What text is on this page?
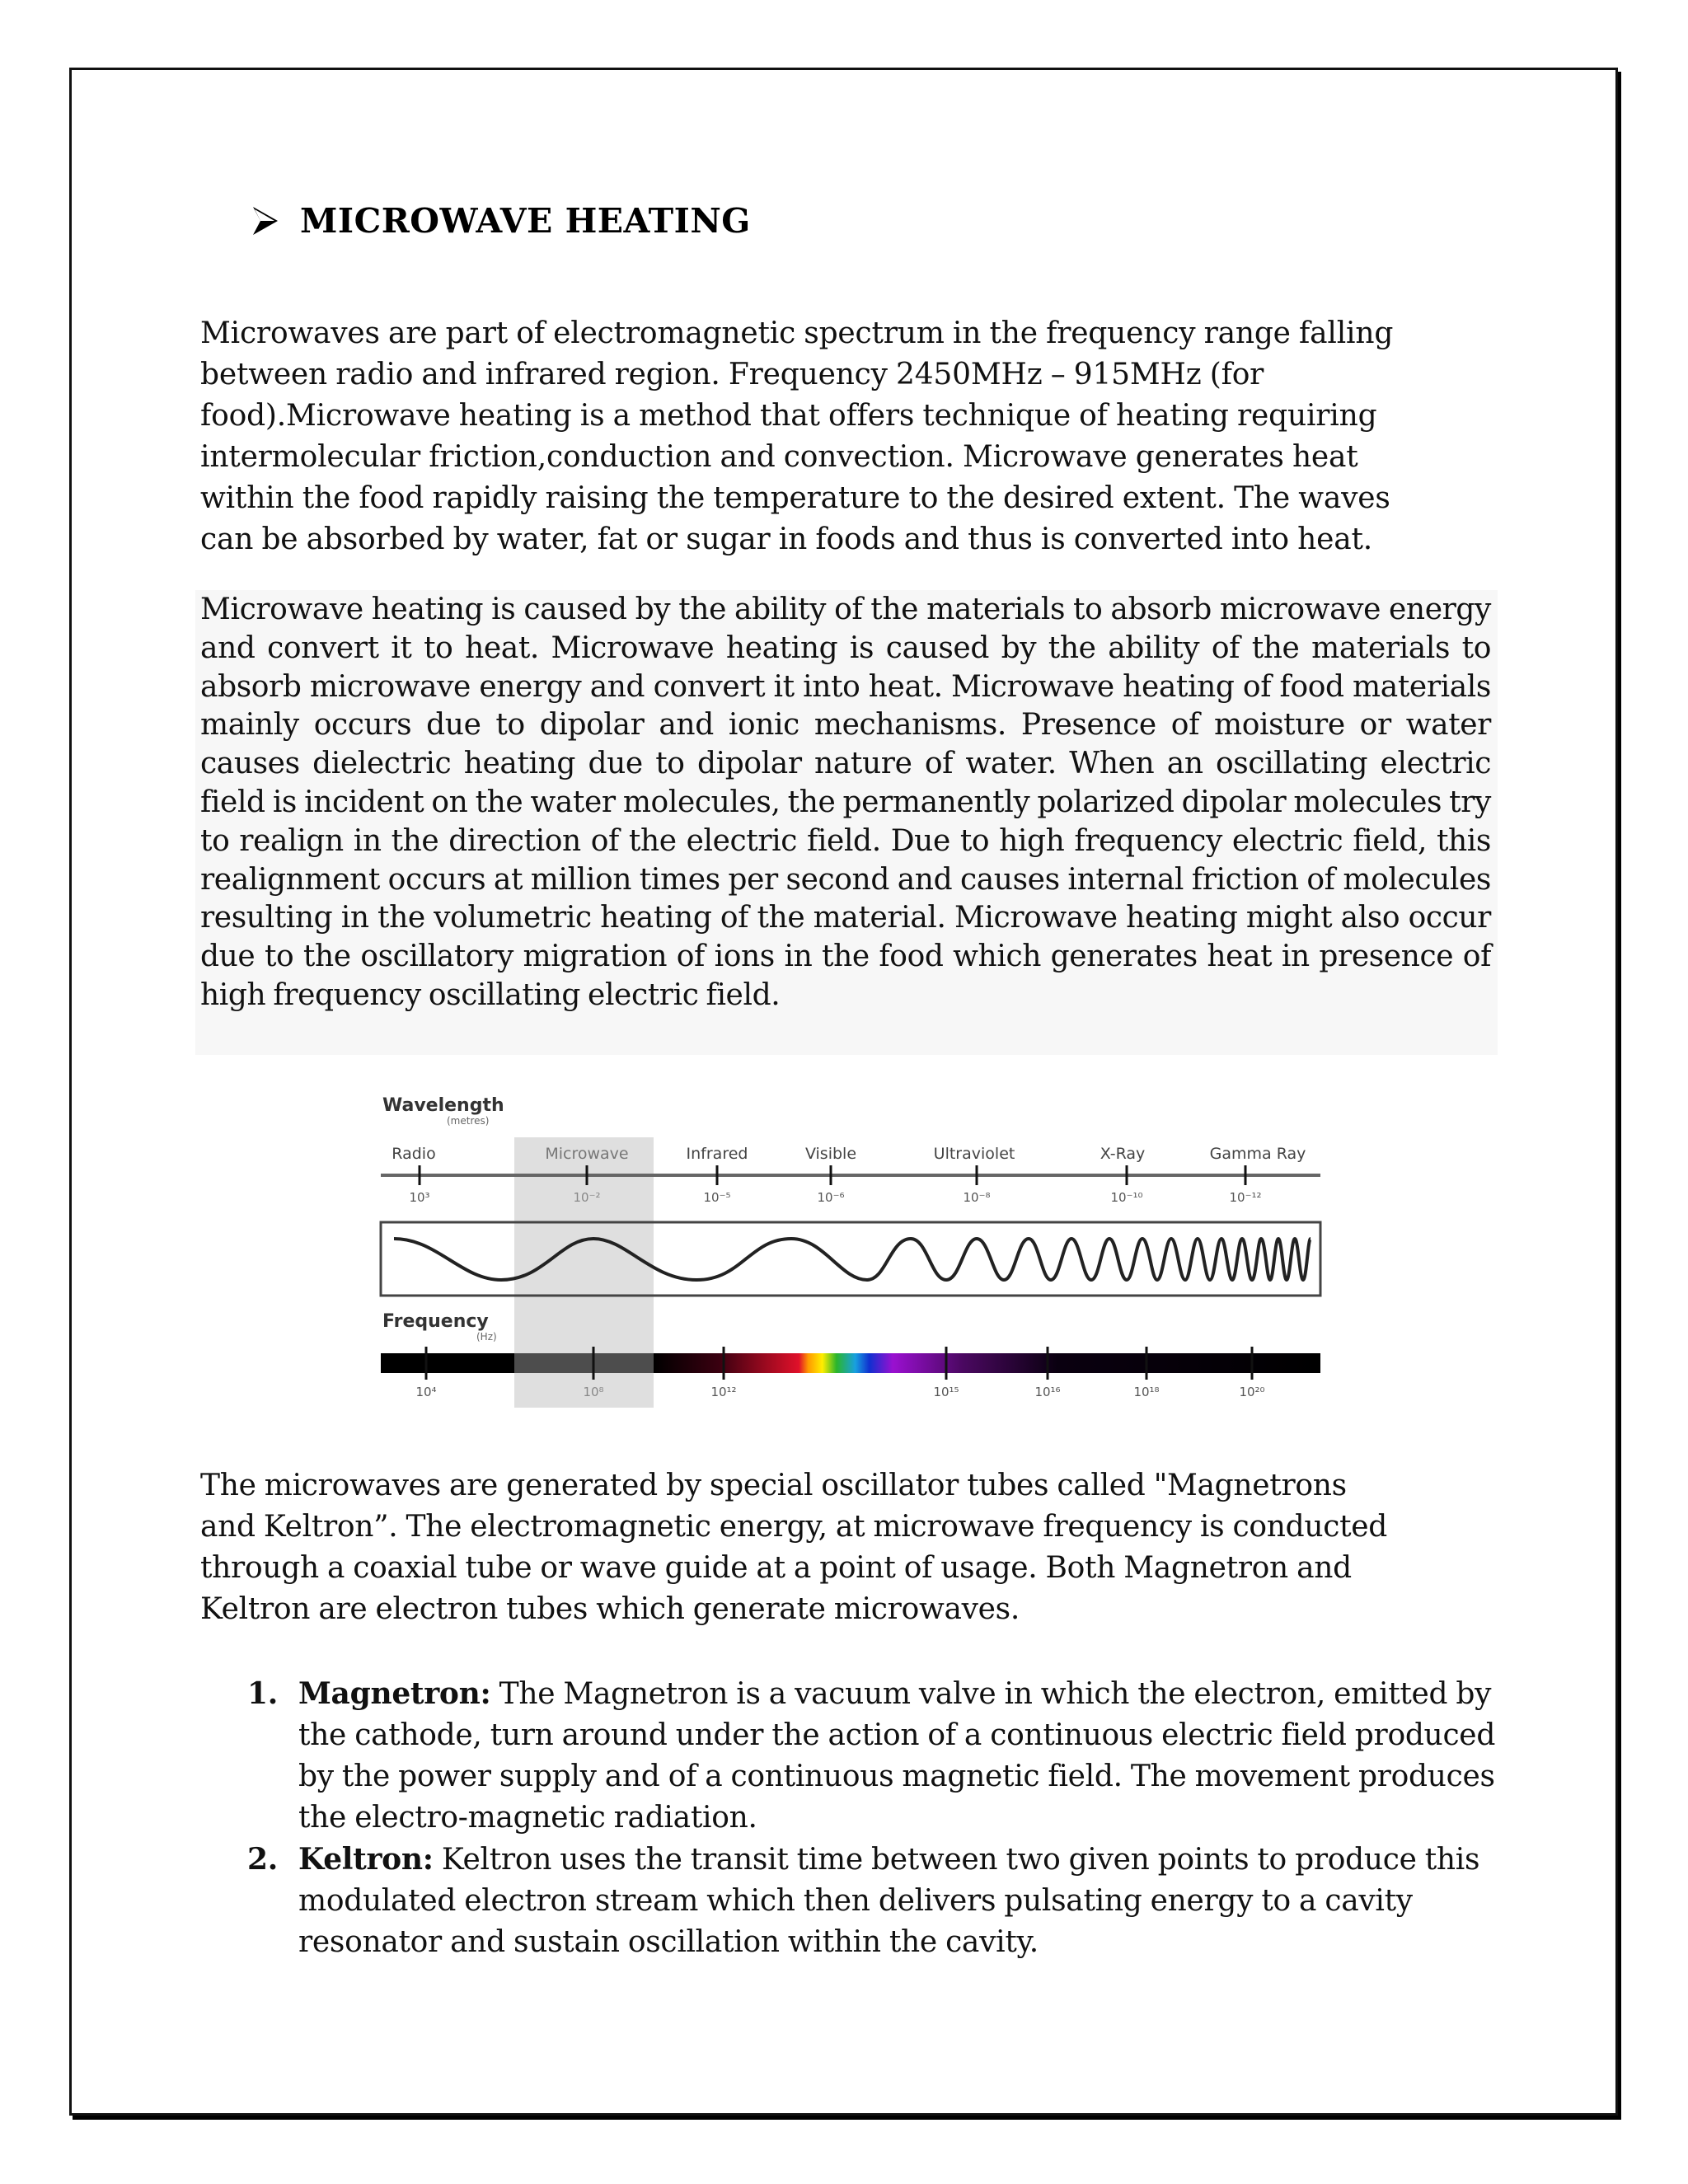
MICROWAVE HEATING
Microwaves are part of electromagnetic spectrum in the frequency range falling
between radio and infrared region. Frequency 2450MHz – 915MHz (for
food).Microwave heating is a method that offers technique of heating requiring
intermolecular friction,conduction and convection. Microwave generates heat
within the food rapidly raising the temperature to the desired extent. The waves
can be absorbed by water, fat or sugar in foods and thus is converted into heat.
Microwave heating is caused by the ability of the materials to absorb microwave energy and convert it to heat. Microwave heating is caused by the ability of the materials to absorb microwave energy and convert it into heat. Microwave heating of food materials mainly occurs due to dipolar and ionic mechanisms. Presence of moisture or water causes dielectric heating due to dipolar nature of water. When an oscillating electric field is incident on the water molecules, the permanently polarized dipolar molecules try to realign in the direction of the electric field. Due to high frequency electric field, this realignment occurs at million times per second and causes internal friction of molecules resulting in the volumetric heating of the material. Microwave heating might also occur due to the oscillatory migration of ions in the food which generates heat in presence of high frequency oscillating electric field.
Wavelength
(metres)
Radio	Microwave	Infrared	Visible	Ultraviolet	X-Ray	Gamma Ray
10³	10⁻²	10⁻⁵	10⁻⁶	10⁻⁸	10⁻¹⁰	10⁻¹²
Frequency
(Hz)
10⁴	10⁸	10¹²	10¹⁵	10¹⁶	10¹⁸	10²⁰
The microwaves are generated by special oscillator tubes called "Magnetrons
and Keltron”. The electromagnetic energy, at microwave frequency is conducted
through a coaxial tube or wave guide at a point of usage. Both Magnetron and
Keltron are electron tubes which generate microwaves.
1. Magnetron: The Magnetron is a vacuum valve in which the electron, emitted by the cathode, turn around under the action of a continuous electric field produced by the power supply and of a continuous magnetic field. The movement produces the electro-magnetic radiation.
2. Keltron: Keltron uses the transit time between two given points to produce this modulated electron stream which then delivers pulsating energy to a cavity resonator and sustain oscillation within the cavity.
